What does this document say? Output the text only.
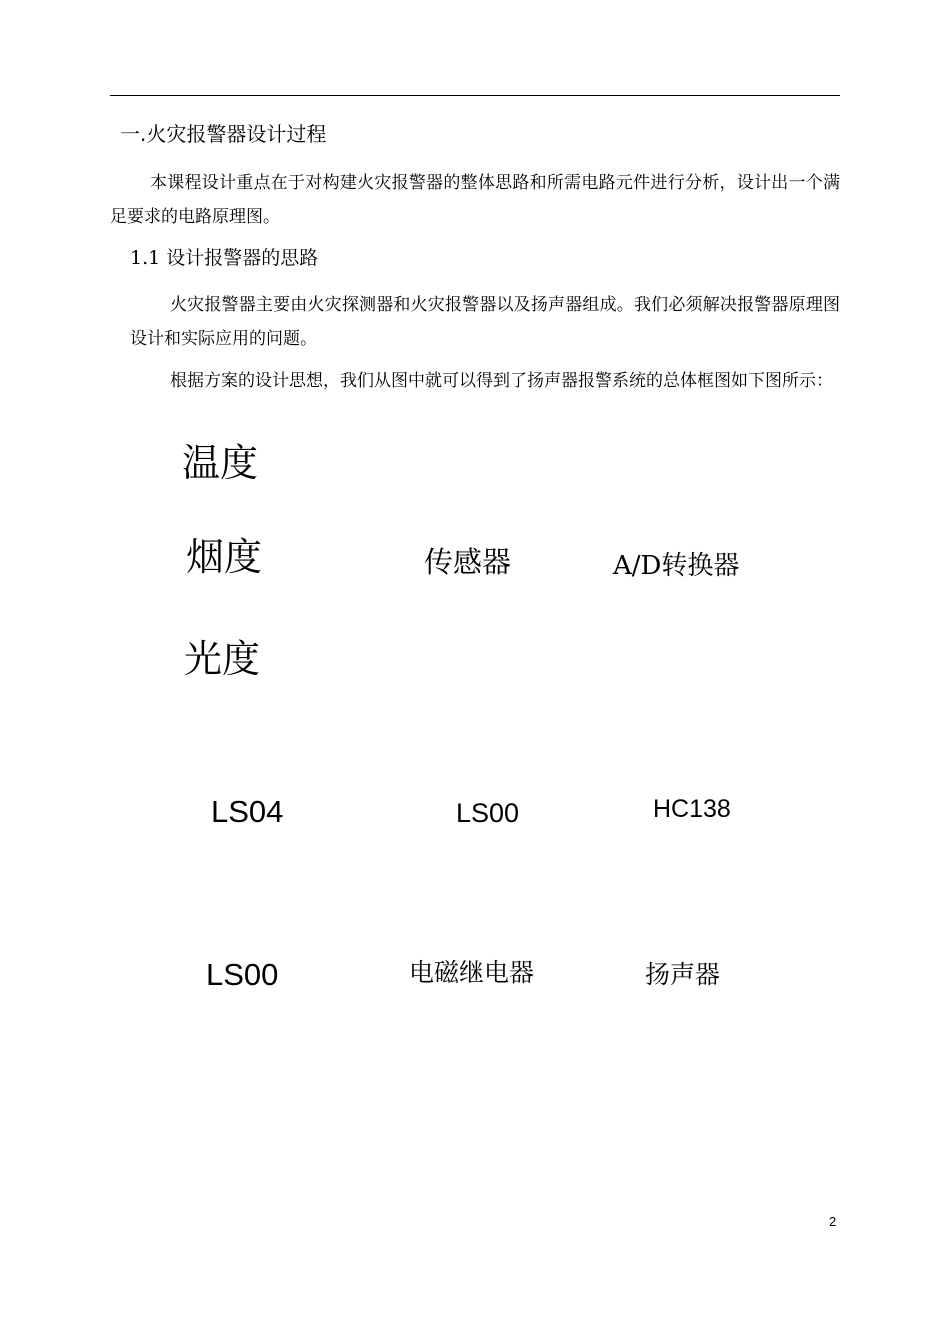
一.火灾报警器设计过程
本课程设计重点在于对构建火灾报警器的整体思路和所需电路元件进行分析，设计出一个满足要求的电路原理图。
1.1 设计报警器的思路
火灾报警器主要由火灾探测器和火灾报警器以及扬声器组成。我们必须解决报警器原理图设计和实际应用的问题。
根据方案的设计思想，我们从图中就可以得到了扬声器报警系统的总体框图如下图所示：
温度
烟度
光度
传感器	A/D转换器
LS04	LS00	HC138
LS00	电磁继电器	扬声器
2
